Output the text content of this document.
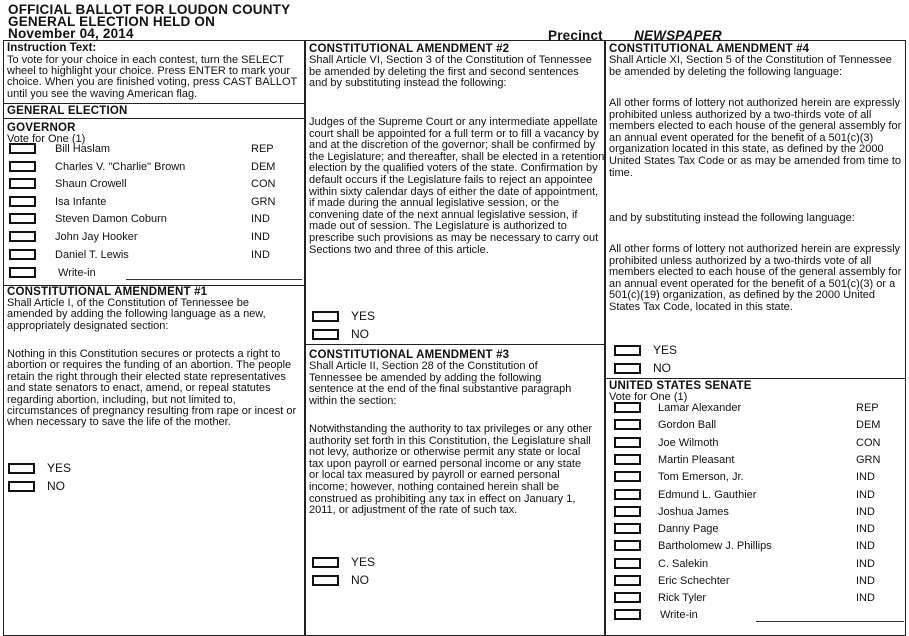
OFFICIAL BALLOT FOR LOUDON COUNTY
GENERAL ELECTION HELD ON
November 04, 2014	Precinct NEWSPAPER
Instruction Text:
To vote for your choice in each contest, turn the SELECT wheel to highlight your choice. Press ENTER to mark your choice. When you are finished voting, press CAST BALLOT until you see the waving American flag.
GENERAL ELECTION
GOVERNOR
Vote for One (1)
Bill Haslam	REP
Charles V. "Charlie" Brown	DEM
Shaun Crowell	CON
Isa Infante	GRN
Steven Damon Coburn	IND
John Jay Hooker	IND
Daniel T. Lewis	IND
Write-in
CONSTITUTIONAL AMENDMENT #1
Shall Article I, of the Constitution of Tennessee be amended by adding the following language as a new, appropriately designated section:
Nothing in this Constitution secures or protects a right to abortion or requires the funding of an abortion. The people retain the right through their elected state representatives and state senators to enact, amend, or repeal statutes regarding abortion, including, but not limited to, circumstances of pregnancy resulting from rape or incest or when necessary to save the life of the mother.
YES
NO
CONSTITUTIONAL AMENDMENT #2
Shall Article VI, Section 3 of the Constitution of Tennessee be amended by deleting the first and second sentences and by substituting instead the following:
Judges of the Supreme Court or any intermediate appellate court shall be appointed for a full term or to fill a vacancy by and at the discretion of the governor; shall be confirmed by the Legislature; and thereafter, shall be elected in a retention election by the qualified voters of the state. Confirmation by default occurs if the Legislature fails to reject an appointee within sixty calendar days of either the date of appointment, if made during the annual legislative session, or the convening date of the next annual legislative session, if made out of session. The Legislature is authorized to prescribe such provisions as may be necessary to carry out Sections two and three of this article.
YES
NO
CONSTITUTIONAL AMENDMENT #3
Shall Article II, Section 28 of the Constitution of Tennessee be amended by adding the following sentence at the end of the final substantive paragraph within the section:
Notwithstanding the authority to tax privileges or any other authority set forth in this Constitution, the Legislature shall not levy, authorize or otherwise permit any state or local tax upon payroll or earned personal income or any state or local tax measured by payroll or earned personal income; however, nothing contained herein shall be construed as prohibiting any tax in effect on January 1, 2011, or adjustment of the rate of such tax.
YES
NO
CONSTITUTIONAL AMENDMENT #4
Shall Article XI, Section 5 of the Constitution of Tennessee be amended by deleting the following language:
All other forms of lottery not authorized herein are expressly prohibited unless authorized by a two-thirds vote of all members elected to each house of the general assembly for an annual event operated for the benefit of a 501(c)(3) organization located in this state, as defined by the 2000 United States Tax Code or as may be amended from time to time.
and by substituting instead the following language:
All other forms of lottery not authorized herein are expressly prohibited unless authorized by a two-thirds vote of all members elected to each house of the general assembly for an annual event operated for the benefit of a 501(c)(3) or a 501(c)(19) organization, as defined by the 2000 United States Tax Code, located in this state.
YES
NO
UNITED STATES SENATE
Vote for One (1)
Lamar Alexander	REP
Gordon Ball	DEM
Joe Wilmoth	CON
Martin Pleasant	GRN
Tom Emerson, Jr.	IND
Edmund L. Gauthier	IND
Joshua James	IND
Danny Page	IND
Bartholomew J. Phillips	IND
C. Salekin	IND
Eric Schechter	IND
Rick Tyler	IND
Write-in
